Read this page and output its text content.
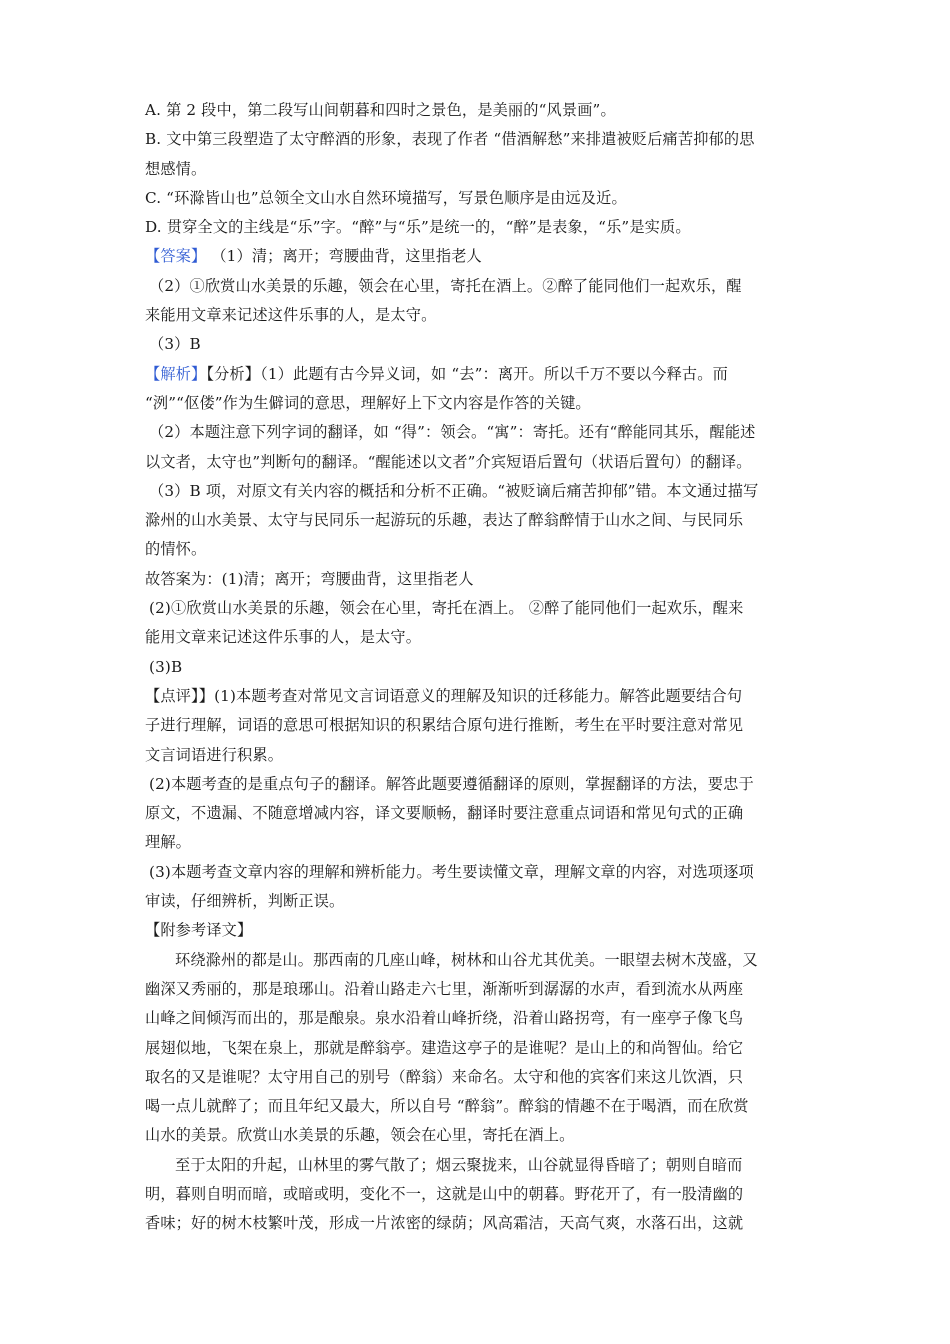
A. 第 2 段中，第二段写山间朝暮和四时之景色，是美丽的“风景画”。
B. 文中第三段塑造了太守醉酒的形象，表现了作者 “借酒解愁”来排遣被贬后痛苦抑郁的思
想感情。
C. “环滁皆山也”总领全文山水自然环境描写，写景色顺序是由远及近。
D. 贯穿全文的主线是“乐”字。“醉”与“乐”是统一的，“醉”是表象，“乐”是实质。
【答案】 （1）清；离开；弯腰曲背，这里指老人
（2）①欣赏山水美景的乐趣，领会在心里，寄托在酒上。②醉了能同他们一起欢乐，醒
来能用文章来记述这件乐事的人，是太守。
（3）B
【解析】【分析】（1）此题有古今异义词，如 “去”：离开。所以千万不要以今释古。而
“洌”“伛偻”作为生僻词的意思，理解好上下文内容是作答的关键。
（2）本题注意下列字词的翻译，如 “得”：领会。“寓”：寄托。还有“醉能同其乐，醒能述
以文者，太守也”判断句的翻译。“醒能述以文者”介宾短语后置句（状语后置句）的翻译。
（3）B 项，对原文有关内容的概括和分析不正确。“被贬谪后痛苦抑郁”错。本文通过描写
滁州的山水美景、太守与民同乐一起游玩的乐趣，表达了醉翁醉情于山水之间、与民同乐
的情怀。
故答案为：(1)清；离开；弯腰曲背，这里指老人
(2)①欣赏山水美景的乐趣，领会在心里，寄托在酒上。 ②醉了能同他们一起欢乐，醒来
能用文章来记述这件乐事的人，是太守。
(3)B
【点评】】(1)本题考查对常见文言词语意义的理解及知识的迁移能力。解答此题要结合句
子进行理解，词语的意思可根据知识的积累结合原句进行推断，考生在平时要注意对常见
文言词语进行积累。
(2)本题考查的是重点句子的翻译。解答此题要遵循翻译的原则，掌握翻译的方法，要忠于
原文，不遗漏、不随意增减内容，译文要顺畅，翻译时要注意重点词语和常见句式的正确
理解。
(3)本题考查文章内容的理解和辨析能力。考生要读懂文章，理解文章的内容，对选项逐项
审读，仔细辨析，判断正误。
【附参考译文】
环绕滁州的都是山。那西南的几座山峰，树林和山谷尤其优美。一眼望去树木茂盛，又
幽深又秀丽的，那是琅琊山。沿着山路走六七里，渐渐听到潺潺的水声，看到流水从两座
山峰之间倾泻而出的，那是酿泉。泉水沿着山峰折绕，沿着山路拐弯，有一座亭子像飞鸟
展翅似地，飞架在泉上，那就是醉翁亭。建造这亭子的是谁呢？是山上的和尚智仙。给它
取名的又是谁呢？太守用自己的别号（醉翁）来命名。太守和他的宾客们来这儿饮酒，只
喝一点儿就醉了；而且年纪又最大，所以自号 “醉翁”。醉翁的情趣不在于喝酒，而在欣赏
山水的美景。欣赏山水美景的乐趣，领会在心里，寄托在酒上。
至于太阳的升起，山林里的雾气散了；烟云聚拢来，山谷就显得昏暗了；朝则自暗而
明，暮则自明而暗，或暗或明，变化不一，这就是山中的朝暮。野花开了，有一股清幽的
香味；好的树木枝繁叶茂，形成一片浓密的绿荫；风高霜洁，天高气爽，水落石出，这就
